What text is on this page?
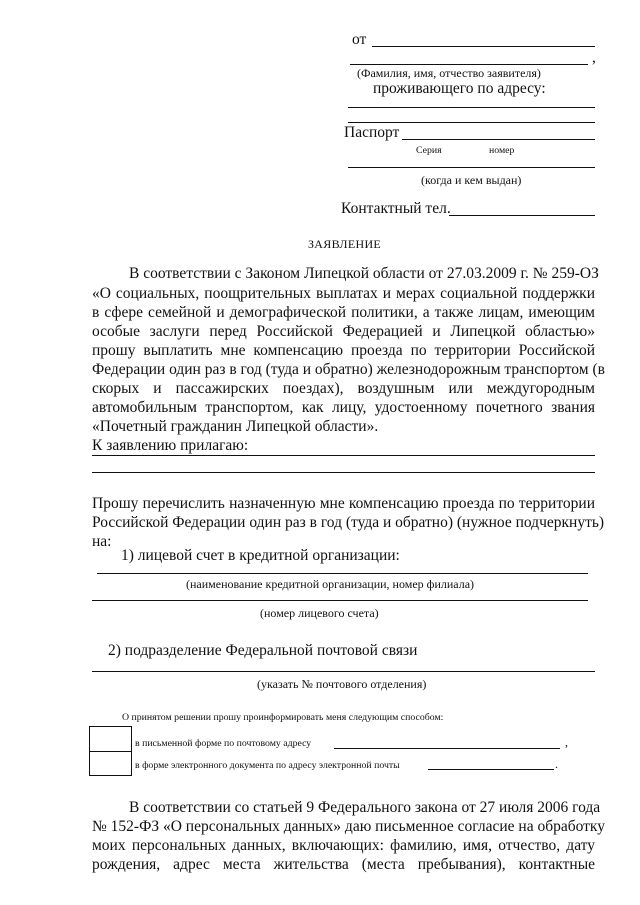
от
,
(Фамилия, имя, отчество заявителя)
проживающего по адресу:
Паспорт
Серия	номер
(когда и кем выдан)
Контактный тел.
ЗАЯВЛЕНИЕ
В соответствии с Законом Липецкой области от 27.03.2009 г. № 259-ОЗ
«О социальных, поощрительных выплатах и мерах социальной поддержки
в сфере семейной и демографической политики, а также лицам, имеющим
особые заслуги перед Российской Федерацией и Липецкой областью»
прошу выплатить мне компенсацию проезда по территории Российской
Федерации один раз в год (туда и обратно) железнодорожным транспортом (в
скорых и пассажирских поездах), воздушным или междугородным
автомобильным транспортом, как лицу, удостоенному почетного звания
«Почетный гражданин Липецкой области».
К заявлению прилагаю:
Прошу перечислить назначенную мне компенсацию проезда по территории
Российской Федерации один раз в год (туда и обратно) (нужное подчеркнуть)
на:
1) лицевой счет в кредитной организации:
(наименование кредитной организации, номер филиала)
(номер лицевого счета)
2) подразделение Федеральной почтовой связи
(указать № почтового отделения)
О принятом решении прошу проинформировать меня следующим способом:
в письменной форме по почтовому адресу	,
в форме электронного документа по адресу электронной почты	.
В соответствии со статьей 9 Федерального закона от 27 июля 2006 года
№ 152-ФЗ «О персональных данных» даю письменное согласие на обработку
моих персональных данных, включающих: фамилию, имя, отчество, дату
рождения, адрес места жительства (места пребывания), контактные
